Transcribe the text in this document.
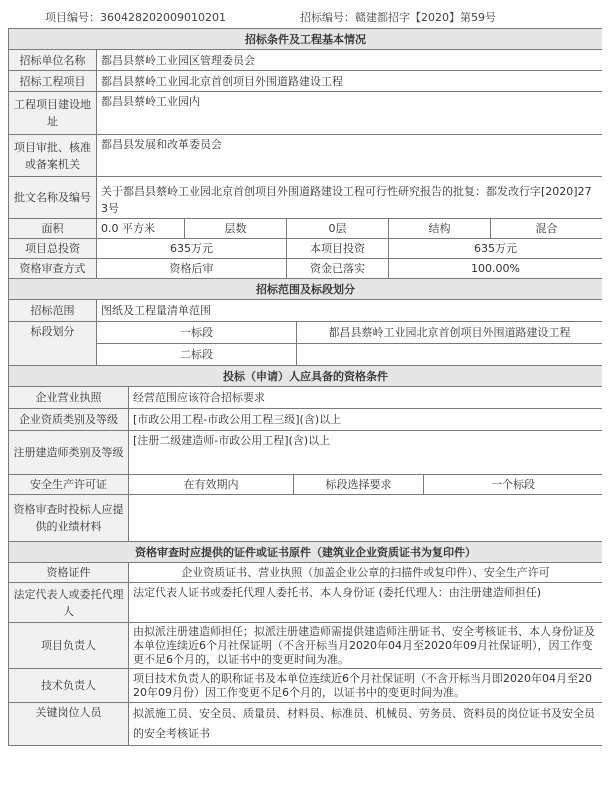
项目编号：360428202009010201	招标编号：赣建都招字【2020】第59号
招标条件及工程基本情况					
招标单位名称	都昌县蔡岭工业园区管理委员会				
招标工程项目	都昌县蔡岭工业园北京首创项目外围道路建设工程				
工程项目建设地址	都昌县蔡岭工业园内				
项目审批、核准或备案机关	都昌县发展和改革委员会				
批文名称及编号	关于都昌县蔡岭工业园北京首创项目外围道路建设工程可行性研究报告的批复：都发改行字[2020]273号				
面积	0.0 平方米	层数	0层	结构	混合
项目总投资	635万元		本项目投资	635万元	
资格审查方式	资格后审		资金已落实	100.00%	
招标范围及标段划分		
招标范围	图纸及工程量清单范围	
标段划分	一标段	都昌县蔡岭工业园北京首创项目外围道路建设工程
	二标段	
投标（申请）人应具备的资格条件			
企业营业执照	经营范围应该符合招标要求		
企业资质类别及等级	[市政公用工程-市政公用工程三级](含)以上		
注册建造师类别及等级	[注册二级建造师-市政公用工程](含)以上		
安全生产许可证	在有效期内	标段选择要求	一个标段
资格审查时投标人应提供的业绩材料			
资格审查时应提供的证件或证书原件（建筑业企业资质证书为复印件）	
资格证件	企业资质证书、营业执照（加盖企业公章的扫描件或复印件）、安全生产许可
法定代表人或委托代理人	法定代表人证书或委托代理人委托书、本人身份证 (委托代理人：由注册建造师担任)
项目负责人	由拟派注册建造师担任；拟派注册建造师需提供建造师注册证书、安全考核证书、本人身份证及本单位连续近6个月社保证明（不含开标当月2020年04月至2020年09月社保证明），因工作变更不足6个月的，以证书中的变更时间为准。
技术负责人	项目技术负责人的职称证书及本单位连续近6个月社保证明（不含开标当月即2020年04月至2020年09月份）因工作变更不足6个月的，以证书中的变更时间为准。
关键岗位人员	拟派施工员、安全员、质量员、材料员、标准员、机械员、劳务员、资料员的岗位证书及安全员的安全考核证书
